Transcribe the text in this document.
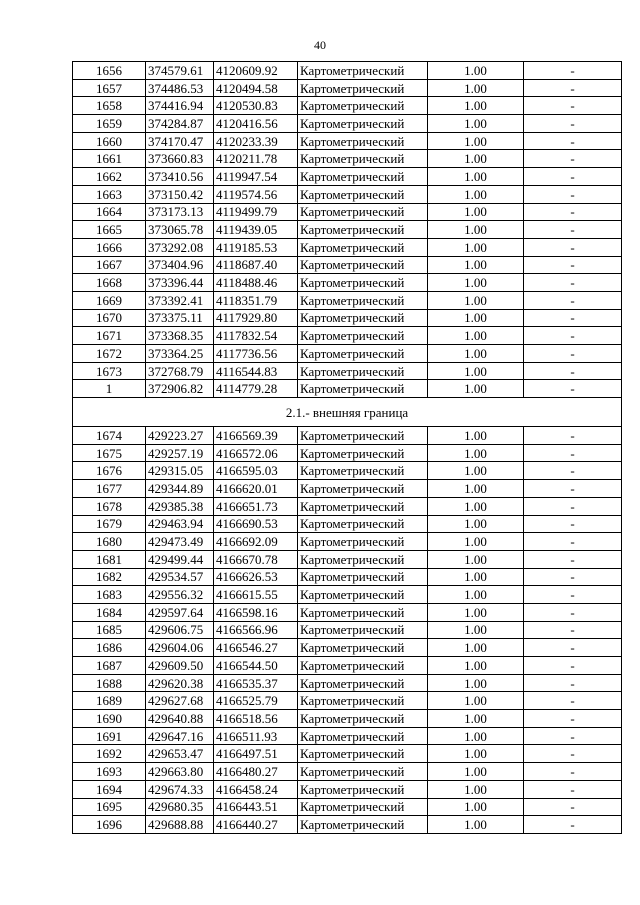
40
1656	374579.61	4120609.92	Картометрический	1.00	-
1657	374486.53	4120494.58	Картометрический	1.00	-
1658	374416.94	4120530.83	Картометрический	1.00	-
1659	374284.87	4120416.56	Картометрический	1.00	-
1660	374170.47	4120233.39	Картометрический	1.00	-
1661	373660.83	4120211.78	Картометрический	1.00	-
1662	373410.56	4119947.54	Картометрический	1.00	-
1663	373150.42	4119574.56	Картометрический	1.00	-
1664	373173.13	4119499.79	Картометрический	1.00	-
1665	373065.78	4119439.05	Картометрический	1.00	-
1666	373292.08	4119185.53	Картометрический	1.00	-
1667	373404.96	4118687.40	Картометрический	1.00	-
1668	373396.44	4118488.46	Картометрический	1.00	-
1669	373392.41	4118351.79	Картометрический	1.00	-
1670	373375.11	4117929.80	Картометрический	1.00	-
1671	373368.35	4117832.54	Картометрический	1.00	-
1672	373364.25	4117736.56	Картометрический	1.00	-
1673	372768.79	4116544.83	Картометрический	1.00	-
1	372906.82	4114779.28	Картометрический	1.00	-
2.1.- внешняя граница					
1674	429223.27	4166569.39	Картометрический	1.00	-
1675	429257.19	4166572.06	Картометрический	1.00	-
1676	429315.05	4166595.03	Картометрический	1.00	-
1677	429344.89	4166620.01	Картометрический	1.00	-
1678	429385.38	4166651.73	Картометрический	1.00	-
1679	429463.94	4166690.53	Картометрический	1.00	-
1680	429473.49	4166692.09	Картометрический	1.00	-
1681	429499.44	4166670.78	Картометрический	1.00	-
1682	429534.57	4166626.53	Картометрический	1.00	-
1683	429556.32	4166615.55	Картометрический	1.00	-
1684	429597.64	4166598.16	Картометрический	1.00	-
1685	429606.75	4166566.96	Картометрический	1.00	-
1686	429604.06	4166546.27	Картометрический	1.00	-
1687	429609.50	4166544.50	Картометрический	1.00	-
1688	429620.38	4166535.37	Картометрический	1.00	-
1689	429627.68	4166525.79	Картометрический	1.00	-
1690	429640.88	4166518.56	Картометрический	1.00	-
1691	429647.16	4166511.93	Картометрический	1.00	-
1692	429653.47	4166497.51	Картометрический	1.00	-
1693	429663.80	4166480.27	Картометрический	1.00	-
1694	429674.33	4166458.24	Картометрический	1.00	-
1695	429680.35	4166443.51	Картометрический	1.00	-
1696	429688.88	4166440.27	Картометрический	1.00	-
